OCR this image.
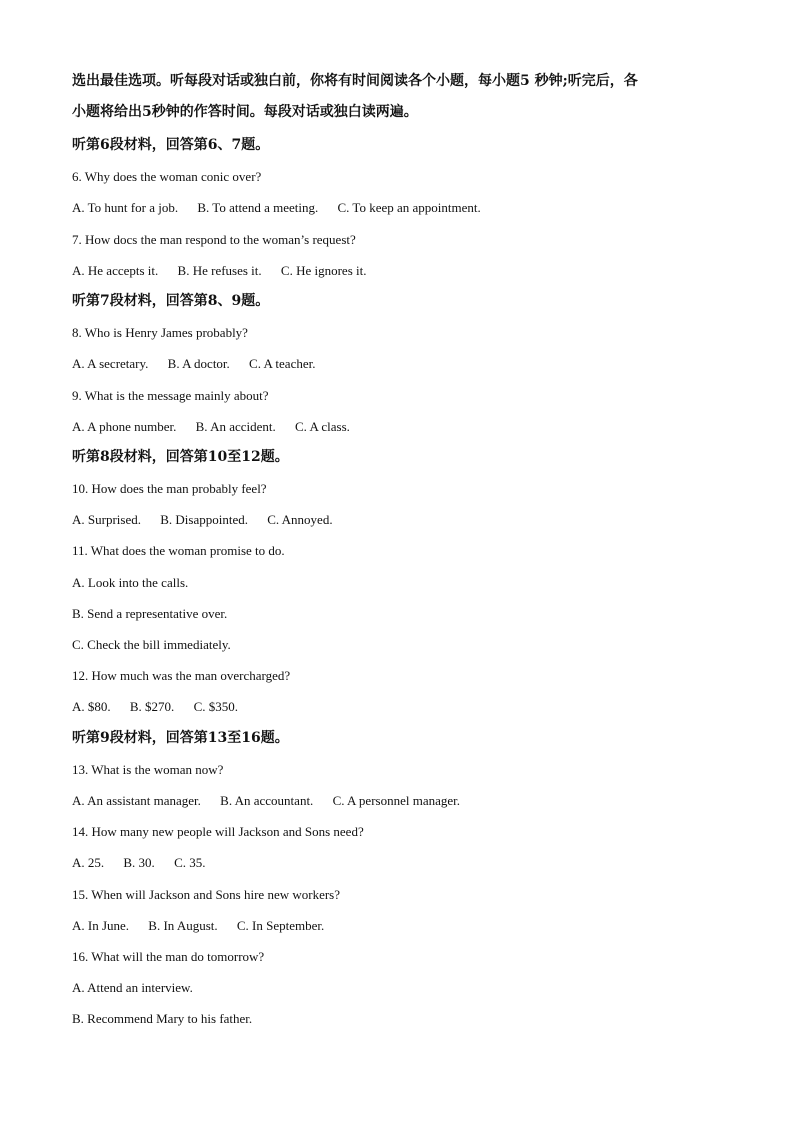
选出最佳选项。听每段对话或独白前，你将有时间阅读各个小题，每小题5 秒钟;听完后，各
小题将给出5秒钟的作答时间。每段对话或独白读两遍。
听第6段材料，回答第6、7题。
6. Why does the woman conic over?
A. To hunt for a job. B. To attend a meeting. C. To keep an appointment.
7. How docs the man respond to the woman’s request?
A. He accepts it. B. He refuses it. C. He ignores it.
听第7段材料，回答第8、9题。
8. Who is Henry James probably?
A. A secretary. B. A doctor. C. A teacher.
9. What is the message mainly about?
A. A phone number. B. An accident. C. A class.
听第8段材料，回答第10至12题。
10. How does the man probably feel?
A. Surprised. B. Disappointed. C. Annoyed.
11. What does the woman promise to do.
A. Look into the calls.
B. Send a representative over.
C. Check the bill immediately.
12. How much was the man overcharged?
A. $80. B. $270. C. $350.
听第9段材料，回答第13至16题。
13. What is the woman now?
A. An assistant manager. B. An accountant. C. A personnel manager.
14. How many new people will Jackson and Sons need?
A. 25. B. 30. C. 35.
15. When will Jackson and Sons hire new workers?
A. In June. B. In August. C. In September.
16. What will the man do tomorrow?
A. Attend an interview.
B. Recommend Mary to his father.
